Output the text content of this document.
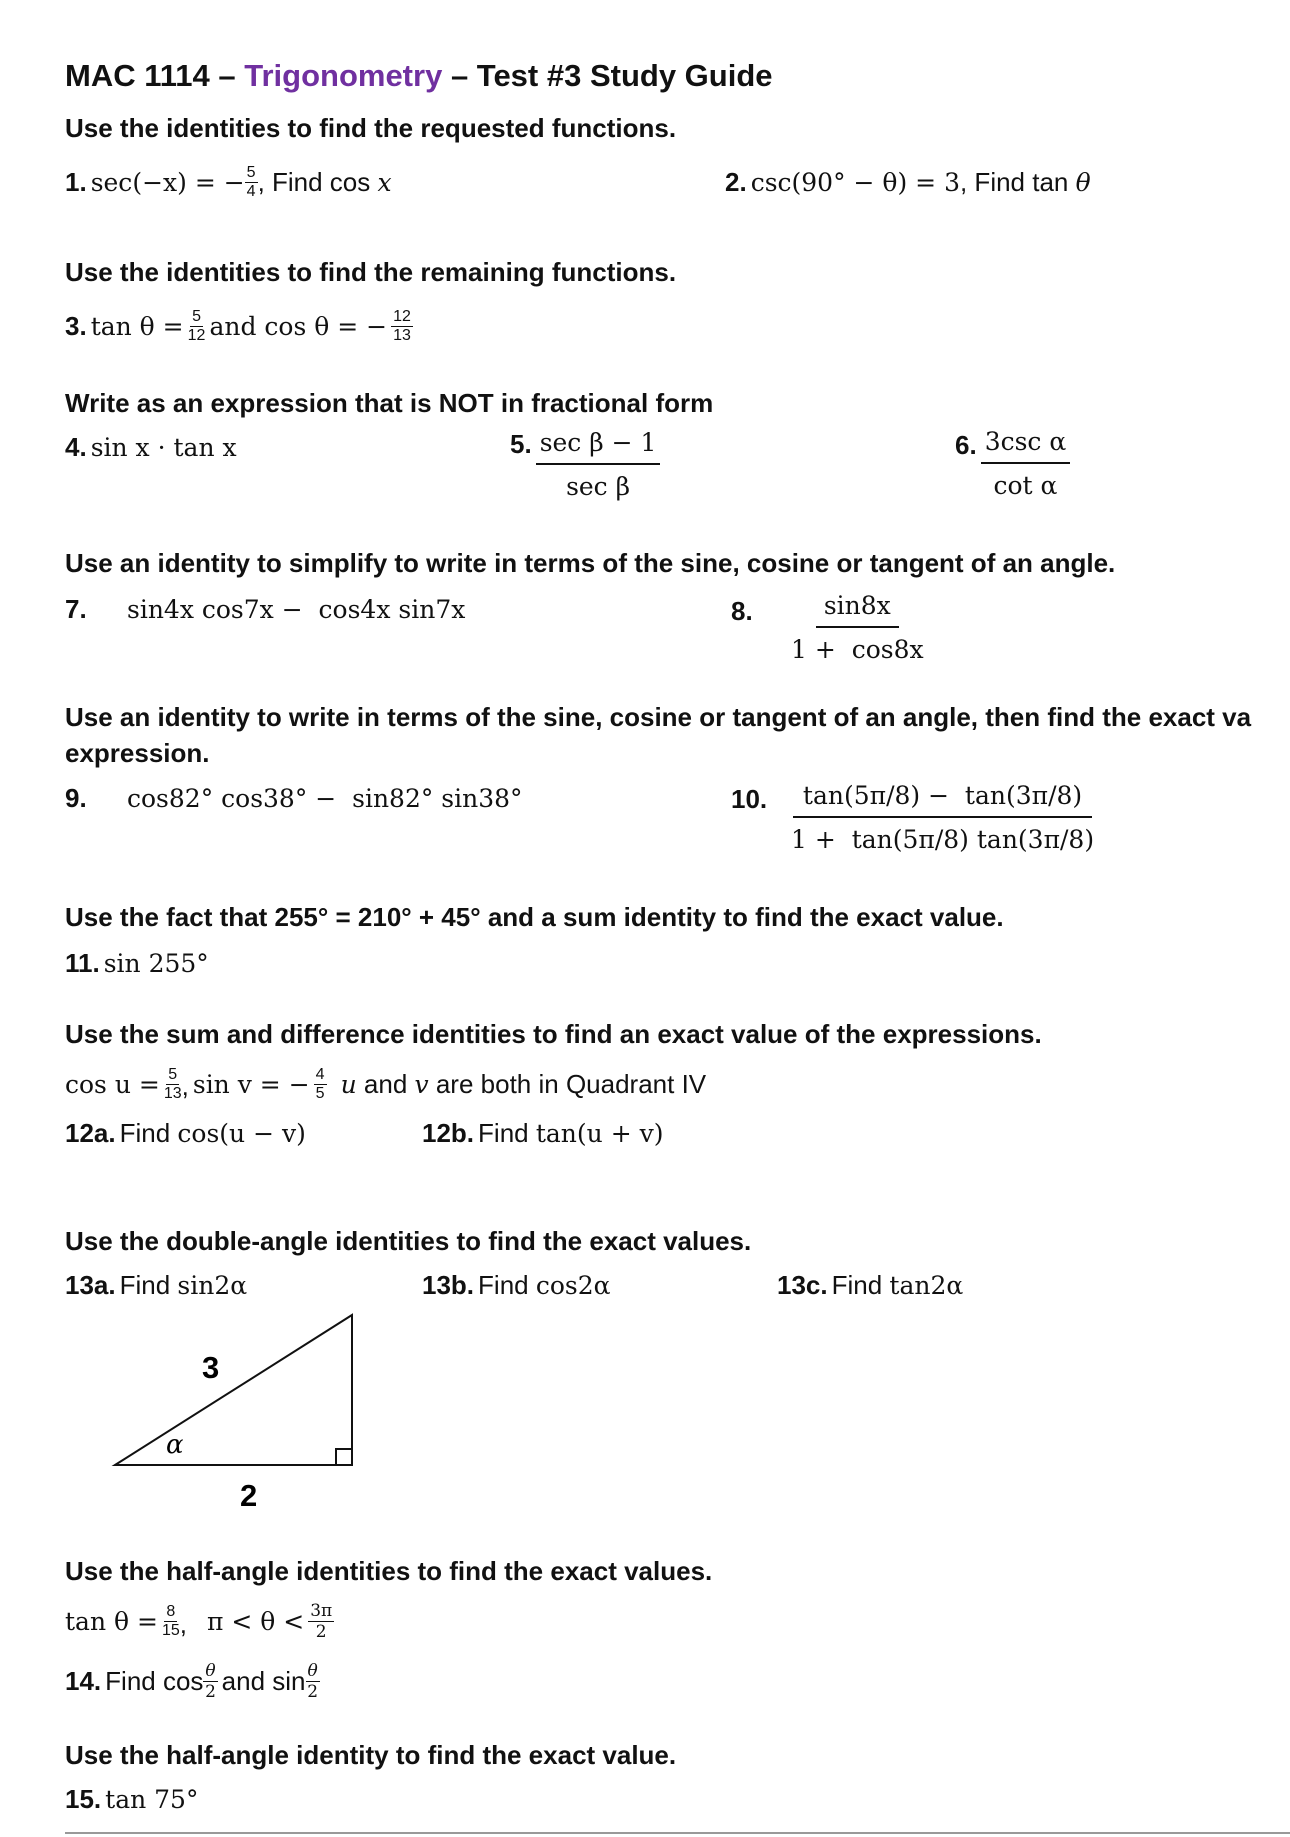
MAC 1114 – Trigonometry – Test #3 Study Guide
Use the identities to find the requested functions.
1.
sec(−x) = − $\frac{5}{4}$ , Find cos x	2.
csc(90° − θ) = 3 , Find tan θ
Use the identities to find the remaining functions.
3.
tan θ =
$\frac{5}{12}$ and cos θ = −
$\frac{12}{13}$
Write as an expression that is NOT in fractional form
4.
sin x · tan x	5.
$\frac{\text{sec β − 1}}{\text{sec β}}$	6.
$\frac{\text{3csc α}}{\text{cot α}}$
Use an identity to simplify to write in terms of the sine, cosine or tangent of an angle.
7.	sin4x cos7x −  cos4x sin7x	8.	$\frac{\sin 8x}{1 + \cos 8x}$
Use an identity to write in terms of the sine, cosine or tangent of an angle, then find the exact va
expression.
9.	cos82° cos38° −  sin82° sin38°	10. $\frac{\tan(5\pi/8) - \tan(3\pi/8)}{1 + \tan(5\pi/8) \tan(3\pi/8)}$
Use the fact that 255° = 210° + 45° and a sum identity to find the exact value.
11.
sin 255°
Use the sum and difference identities to find an exact value of the expressions.
cos u =
$\frac{5}{13}$ , sin v = −
$\frac{4}{5}$ u and v are both in Quadrant IV
12a.
Find cos(u − v)	12b.
Find tan(u + v)
Use the double-angle identities to find the exact values.
13a.
Find sin2α	13b.
Find cos2α	13c.
Find tan2α
3
α
2
Use the half-angle identities to find the exact values.
tan θ =
$\frac{8}{15}$ , π < θ <
$\frac{3\pi}{2}$
14.
Find $\cos \frac{\theta}{2}$ and $\sin \frac{\theta}{2}$
Use the half-angle identity to find the exact value.
15.
tan 75°
